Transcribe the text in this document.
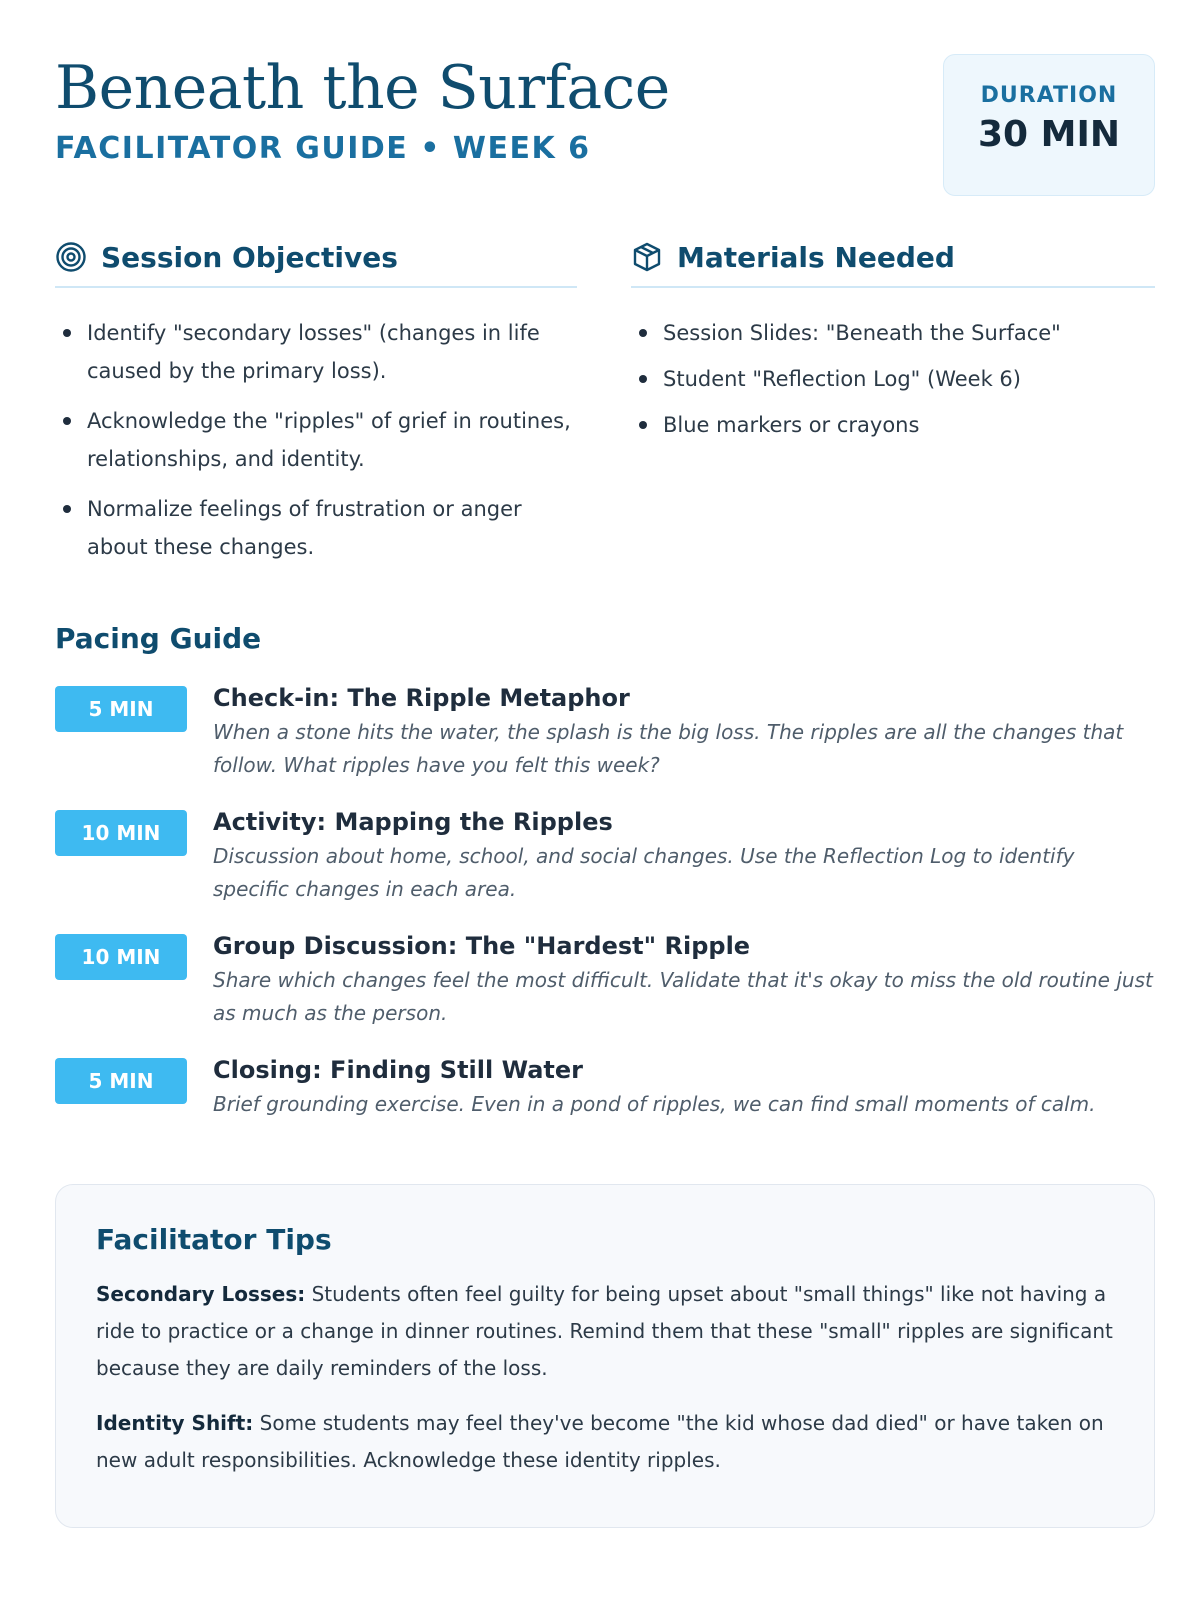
Beneath the Surface
FACILITATOR GUIDE • WEEK 6
DURATION
30 MIN
Session Objectives
Identify "secondary losses" (changes in life caused by the primary loss).
Acknowledge the "ripples" of grief in routines, relationships, and identity.
Normalize feelings of frustration or anger about these changes.
Materials Needed
Session Slides: "Beneath the Surface"
Student "Reflection Log" (Week 6)
Blue markers or crayons
Pacing Guide
5 MIN	Check-in: The Ripple Metaphor
When a stone hits the water, the splash is the big loss. The ripples are all the changes that follow. What ripples have you felt this week?
10 MIN	Activity: Mapping the Ripples
Discussion about home, school, and social changes. Use the Reflection Log to identify specific changes in each area.
10 MIN	Group Discussion: The "Hardest" Ripple
Share which changes feel the most difficult. Validate that it's okay to miss the old routine just as much as the person.
5 MIN	Closing: Finding Still Water
Brief grounding exercise. Even in a pond of ripples, we can find small moments of calm.
Facilitator Tips

Secondary Losses: Students often feel guilty for being upset about "small things" like not having a ride to practice or a change in dinner routines. Remind them that these "small" ripples are significant because they are daily reminders of the loss.

Identity Shift: Some students may feel they've become "the kid whose dad died" or have taken on new adult responsibilities. Acknowledge these identity ripples.
